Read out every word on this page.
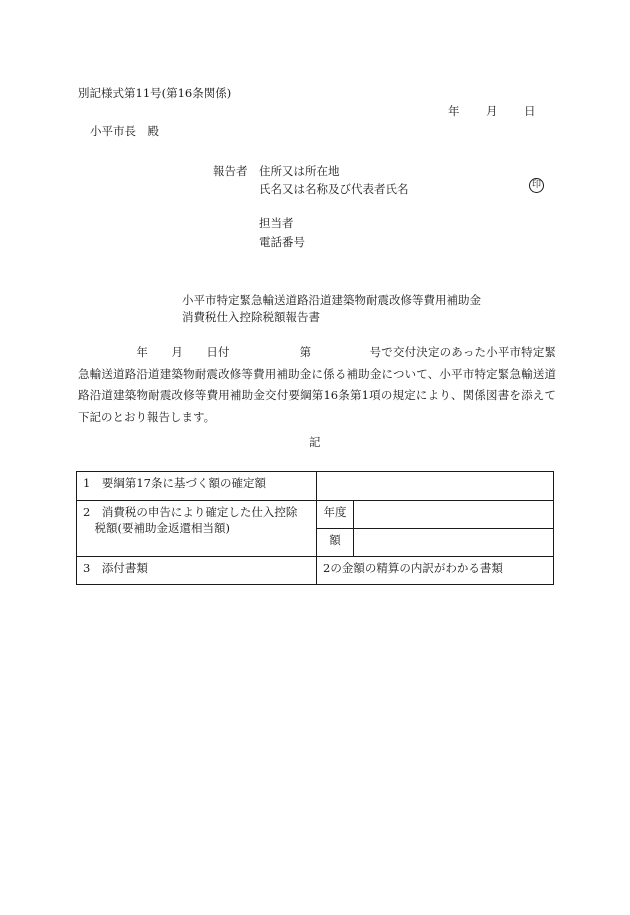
別記様式第11号(第16条関係)
年 月 日
小平市長　殿
報告者	住所又は所在地
氏名又は名称及び代表者氏名	印
担当者
電話番号
小平市特定緊急輸送道路沿道建築物耐震改修等費用補助金
消費税仕入控除税額報告書
　　　　　年　　月　　日付　　　　　　第　　　　　号で交付決定のあった小平市特定緊急輸送道路沿道建築物耐震改修等費用補助金に係る補助金について、小平市特定緊急輸送道路沿道建築物耐震改修等費用補助金交付要綱第16条第1項の規定により、関係図書を添えて下記のとおり報告します。
記
1　要綱第17条に基づく額の確定額		

2　消費税の申告により確定した仕入控除
　税額(要補助金返還相当額)	年度	
	額	
3　添付書類	2の金額の精算の内訳がわかる書類	
